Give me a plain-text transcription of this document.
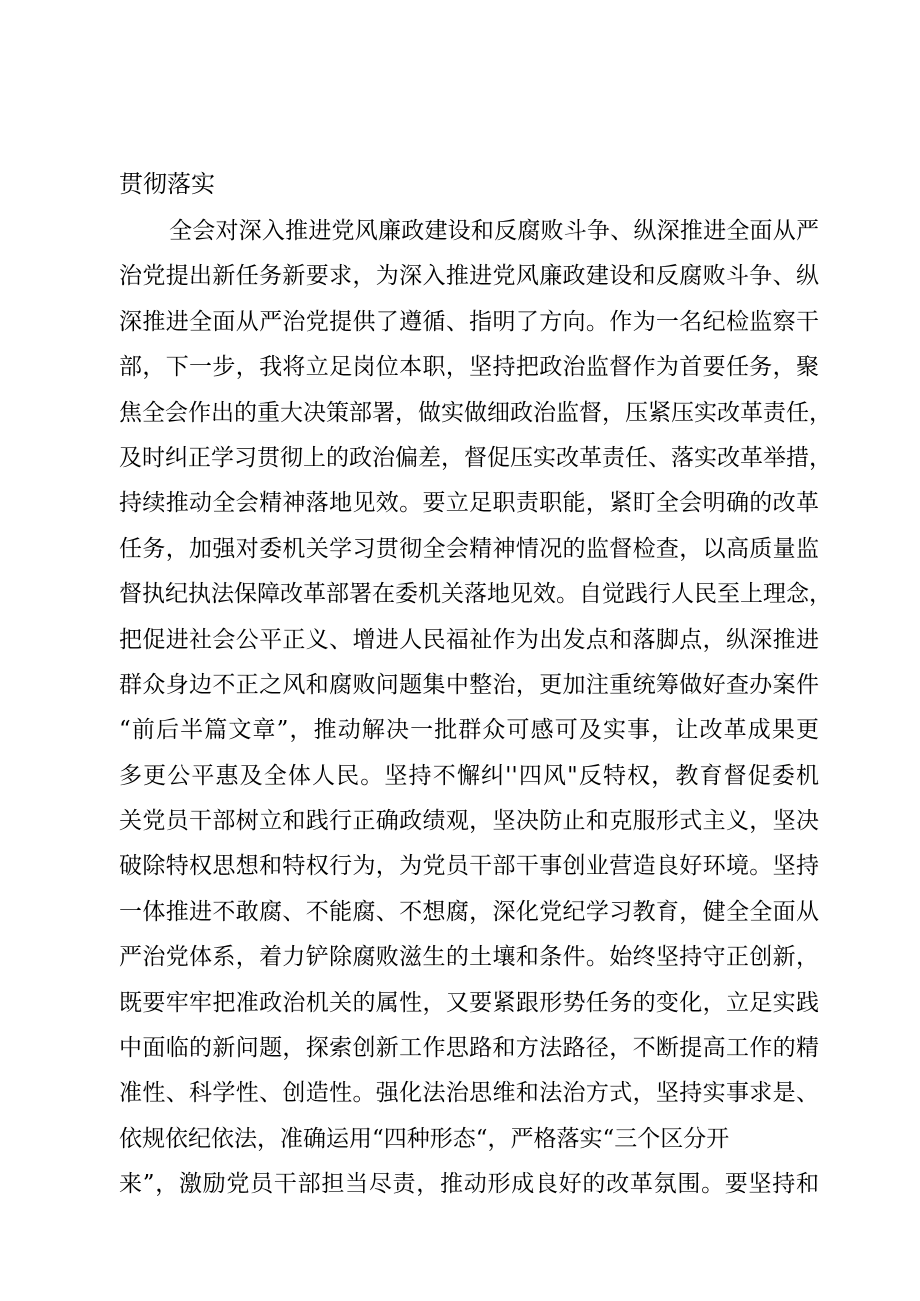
贯彻落实
全会对深入推进党风廉政建设和反腐败斗争、纵深推进全面从严
治党提出新任务新要求，为深入推进党风廉政建设和反腐败斗争、纵
深推进全面从严治党提供了遵循、指明了方向。作为一名纪检监察干
部，下一步，我将立足岗位本职，坚持把政治监督作为首要任务，聚
焦全会作出的重大决策部署，做实做细政治监督，压紧压实改革责任，
及时纠正学习贯彻上的政治偏差，督促压实改革责任、落实改革举措，
持续推动全会精神落地见效。要立足职责职能，紧盯全会明确的改革
任务，加强对委机关学习贯彻全会精神情况的监督检查，以高质量监
督执纪执法保障改革部署在委机关落地见效。自觉践行人民至上理念，
把促进社会公平正义、增进人民福祉作为出发点和落脚点，纵深推进
群众身边不正之风和腐败问题集中整治，更加注重统筹做好查办案件
“前后半篇文章”，推动解决一批群众可感可及实事，让改革成果更
多更公平惠及全体人民。坚持不懈纠''四风"反特权，教育督促委机
关党员干部树立和践行正确政绩观，坚决防止和克服形式主义，坚决
破除特权思想和特权行为，为党员干部干事创业营造良好环境。坚持
一体推进不敢腐、不能腐、不想腐，深化党纪学习教育，健全全面从
严治党体系，着力铲除腐败滋生的土壤和条件。始终坚持守正创新，
既要牢牢把准政治机关的属性，又要紧跟形势任务的变化，立足实践
中面临的新问题，探索创新工作思路和方法路径，不断提高工作的精
准性、科学性、创造性。强化法治思维和法治方式，坚持实事求是、
依规依纪依法，准确运用“四种形态“，严格落实“三个区分开
来”，激励党员干部担当尽责，推动形成良好的改革氛围。要坚持和
